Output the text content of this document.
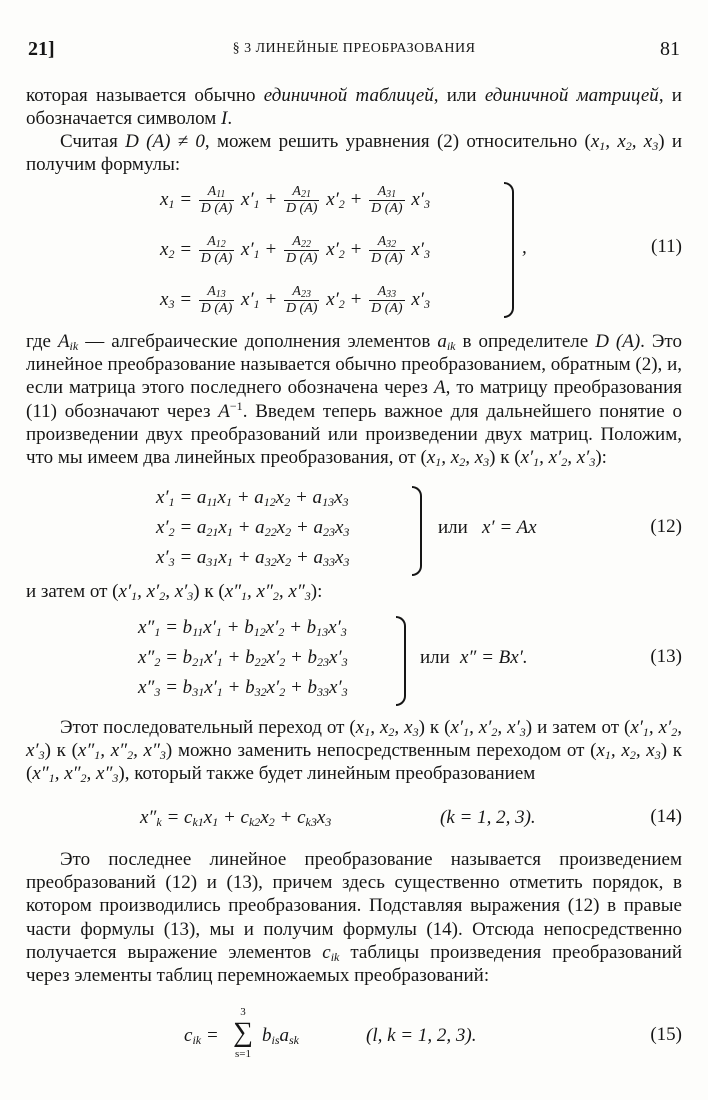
21]	§ 3 ЛИНЕЙНЫЕ ПРЕОБРАЗОВАНИЯ	81
которая называется обычно единичной таблицей, или единичной матрицей, и обозначается символом I.
Считая D (A) ≠ 0, можем решить уравнения (2) относительно ($x_1$, $x_2$, $x_3$) и получим формулы:
$x_1 = \frac{A_{11}}{D (A)} x'_1 + \frac{A_{21}}{D (A)} x'_2 + \frac{A_{31}}{D (A)} x'_3$
$x_2 = \frac{A_{12}}{D (A)} x'_1 + \frac{A_{22}}{D (A)} x'_2 + \frac{A_{32}}{D (A)} x'_3$
$x_3 = \frac{A_{13}}{D (A)} x'_1 + \frac{A_{23}}{D (A)} x'_2 + \frac{A_{33}}{D (A)} x'_3$
,	(11)
где $A_{ik}$ — алгебраические дополнения элементов $a_{ik}$ в определителе D (A). Это линейное преобразование называется обычно преобразованием, обратным (2), и, если матрица этого последнего обозначена через A, то матрицу преобразования (11) обозначают через $A^{-1}$. Введем теперь важное для дальнейшего понятие о произведении двух преобразований или произведении двух матриц. Положим, что мы имеем два линейных преобразования, от ($x_1$, $x_2$, $x_3$) к ($x'_1$, $x'_2$, $x'_3$):
$x'_1 = a_{11}x_1 + a_{12}x_2 + a_{13}x_3$
$x'_2 = a_{21}x_1 + a_{22}x_2 + a_{23}x_3$
$x'_3 = a_{31}x_1 + a_{32}x_2 + a_{33}x_3$
или x′ = Ax	(12)
и затем от ($x'_1$, $x'_2$, $x'_3$) к ($x''_1$, $x''_2$, $x''_3$):
$x''_1 = b_{11}x'_1 + b_{12}x'_2 + b_{13}x'_3$
$x''_2 = b_{21}x'_1 + b_{22}x'_2 + b_{23}x'_3$
$x''_3 = b_{31}x'_1 + b_{32}x'_2 + b_{33}x'_3$
или x″ = Bx′.	(13)
Этот последовательный переход от ($x_1$, $x_2$, $x_3$) к ($x'_1$, $x'_2$, $x'_3$) и затем от ($x'_1$, $x'_2$, $x'_3$) к ($x''_1$, $x''_2$, $x''_3$) можно заменить непосредственным переходом от ($x_1$, $x_2$, $x_3$) к ($x''_1$, $x''_2$, $x''_3$), который также будет линейным преобразованием
$x''_k = c_{k1}x_1 + c_{k2}x_2 + c_{k3}x_3$	(k = 1, 2, 3).	(14)
Это последнее линейное преобразование называется произведением преобразований (12) и (13), причем здесь существенно отметить порядок, в котором производились преобразования. Подставляя выражения (12) в правые части формулы (13), мы и получим формулы (14). Отсюда непосредственно получается выражение элементов $c_{ik}$ таблицы произведения преобразований через элементы таблиц перемножаемых преобразований:
$c_{ik}$ =
3
∑
s=1
$b_{is}a_{sk}$	(l, k = 1, 2, 3).	(15)
